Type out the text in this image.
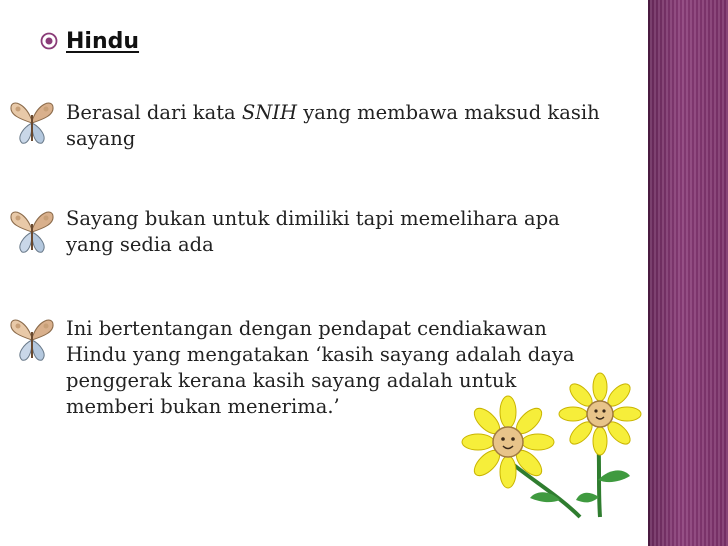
Hindu
Berasal dari kata SNIH yang membawa maksud kasih sayang
Sayang bukan untuk dimiliki tapi memelihara apa yang sedia ada
Ini bertentangan dengan pendapat cendiakawan Hindu yang mengatakan ‘kasih sayang adalah daya penggerak kerana kasih sayang adalah untuk memberi bukan menerima.’
